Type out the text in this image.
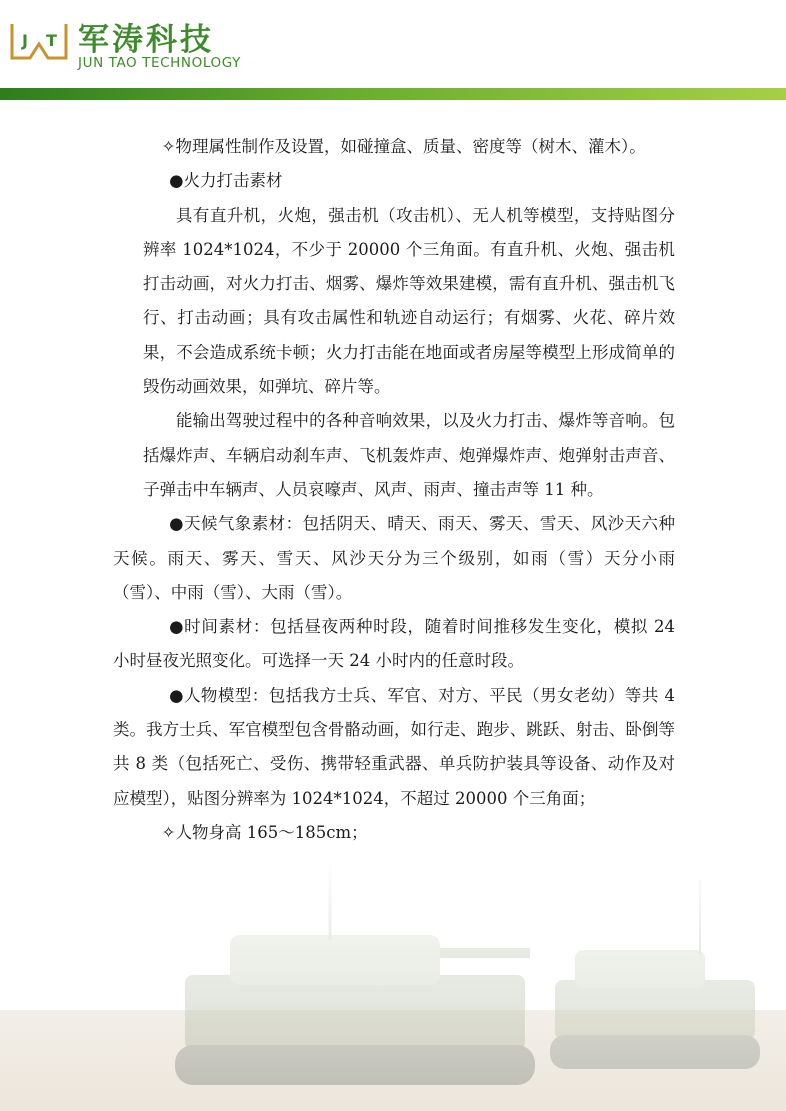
J T 军涛科技
JUN TAO TECHNOLOGY

✧物理属性制作及设置，如碰撞盒、质量、密度等（树木、灌木）。

●火力打击素材

具有直升机，火炮，强击机（攻击机）、无人机等模型，支持贴图分辨率 1024*1024，不少于 20000 个三角面。有直升机、火炮、强击机打击动画，对火力打击、烟雾、爆炸等效果建模，需有直升机、强击机飞行、打击动画；具有攻击属性和轨迹自动运行；有烟雾、火花、碎片效果，不会造成系统卡顿；火力打击能在地面或者房屋等模型上形成简单的毁伤动画效果，如弹坑、碎片等。

能输出驾驶过程中的各种音响效果，以及火力打击、爆炸等音响。包括爆炸声、车辆启动刹车声、飞机轰炸声、炮弹爆炸声、炮弹射击声音、子弹击中车辆声、人员哀嚎声、风声、雨声、撞击声等 11 种。

●天候气象素材：包括阴天、晴天、雨天、雾天、雪天、风沙天六种天候。雨天、雾天、雪天、风沙天分为三个级别，如雨（雪）天分小雨（雪）、中雨（雪）、大雨（雪）。

●时间素材：包括昼夜两种时段，随着时间推移发生变化，模拟 24 小时昼夜光照变化。可选择一天 24 小时内的任意时段。

●人物模型：包括我方士兵、军官、对方、平民（男女老幼）等共 4 类。我方士兵、军官模型包含骨骼动画，如行走、跑步、跳跃、射击、卧倒等共 8 类（包括死亡、受伤、携带轻重武器、单兵防护装具等设备、动作及对应模型），贴图分辨率为 1024*1024，不超过 20000 个三角面；

✧人物身高 165～185cm；
